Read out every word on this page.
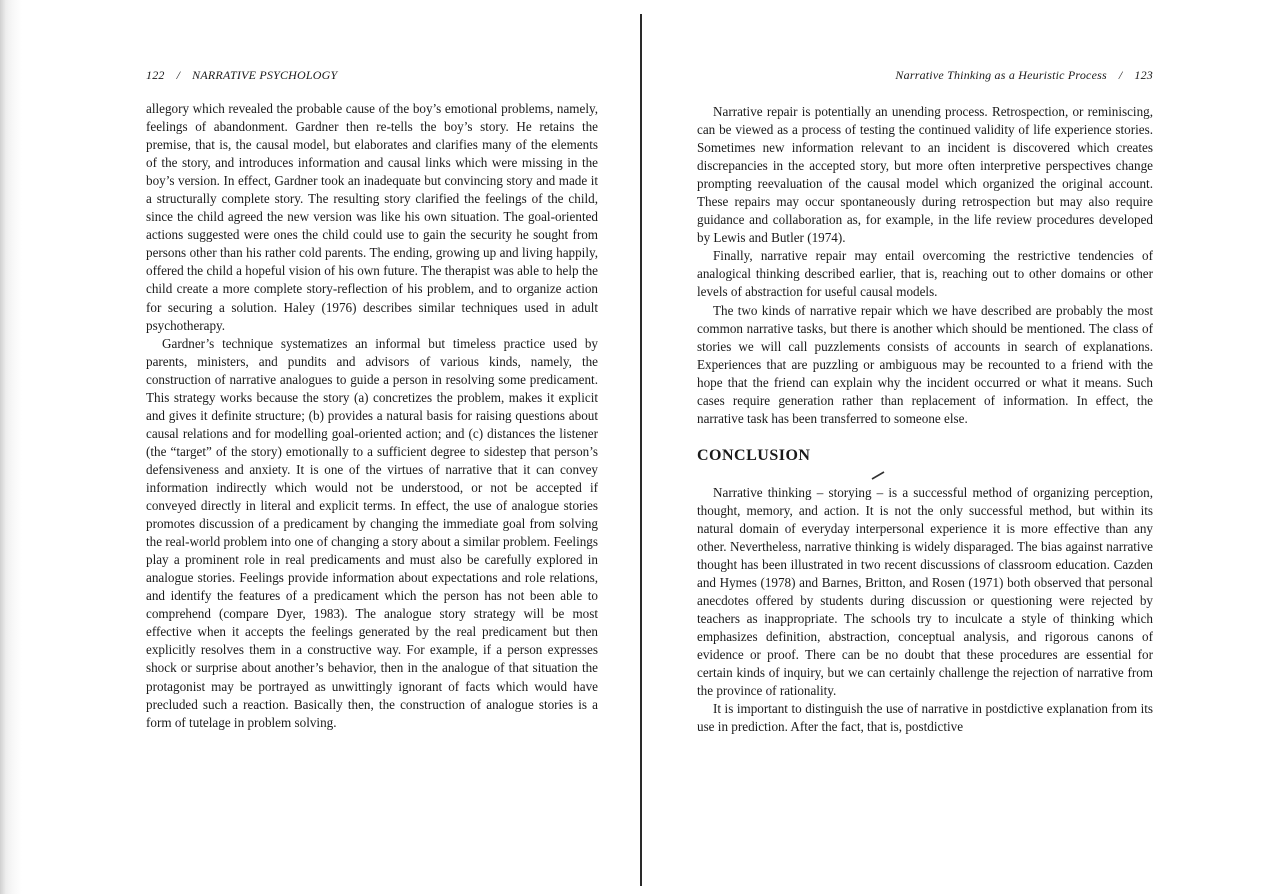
122 / NARRATIVE PSYCHOLOGY

allegory which revealed the probable cause of the boy’s emotional problems, namely, feelings of abandonment. Gardner then re-tells the boy’s story. He retains the premise, that is, the causal model, but elaborates and clarifies many of the elements of the story, and introduces information and causal links which were missing in the boy’s version. In effect, Gardner took an inadequate but convincing story and made it a structurally complete story. The resulting story clarified the feelings of the child, since the child agreed the new version was like his own situation. The goal-oriented actions suggested were ones the child could use to gain the security he sought from persons other than his rather cold parents. The ending, growing up and living happily, offered the child a hopeful vision of his own future. The therapist was able to help the child create a more complete story-reflection of his problem, and to organize action for securing a solution. Haley (1976) describes similar techniques used in adult psychotherapy.

Gardner’s technique systematizes an informal but timeless practice used by parents, ministers, and pundits and advisors of various kinds, namely, the construction of narrative analogues to guide a person in resolving some predicament. This strategy works because the story (a) concretizes the problem, makes it explicit and gives it definite structure; (b) provides a natural basis for raising questions about causal relations and for modelling goal-oriented action; and (c) distances the listener (the “target” of the story) emotionally to a sufficient degree to sidestep that person’s defensiveness and anxiety. It is one of the virtues of narrative that it can convey information indirectly which would not be understood, or not be accepted if conveyed directly in literal and explicit terms. In effect, the use of analogue stories promotes discussion of a predicament by changing the immediate goal from solving the real-world problem into one of changing a story about a similar problem. Feelings play a prominent role in real predicaments and must also be carefully explored in analogue stories. Feelings provide information about expectations and role relations, and identify the features of a predicament which the person has not been able to comprehend (compare Dyer, 1983). The analogue story strategy will be most effective when it accepts the feelings generated by the real predicament but then explicitly resolves them in a constructive way. For example, if a person expresses shock or surprise about another’s behavior, then in the analogue of that situation the protagonist may be portrayed as unwittingly ignorant of facts which would have precluded such a reaction. Basically then, the construction of analogue stories is a form of tutelage in problem solving.

Narrative Thinking as a Heuristic Process / 123

Narrative repair is potentially an unending process. Retrospection, or reminiscing, can be viewed as a process of testing the continued validity of life experience stories. Sometimes new information relevant to an incident is discovered which creates discrepancies in the accepted story, but more often interpretive perspectives change prompting reevaluation of the causal model which organized the original account. These repairs may occur spontaneously during retrospection but may also require guidance and collaboration as, for example, in the life review procedures developed by Lewis and Butler (1974).

Finally, narrative repair may entail overcoming the restrictive tendencies of analogical thinking described earlier, that is, reaching out to other domains or other levels of abstraction for useful causal models.

The two kinds of narrative repair which we have described are probably the most common narrative tasks, but there is another which should be mentioned. The class of stories we will call puzzlements consists of accounts in search of explanations. Experiences that are puzzling or ambiguous may be recounted to a friend with the hope that the friend can explain why the incident occurred or what it means. Such cases require generation rather than replacement of information. In effect, the narrative task has been transferred to someone else.

CONCLUSION

Narrative thinking – storying – is a successful method of organizing perception, thought, memory, and action. It is not the only successful method, but within its natural domain of everyday interpersonal experience it is more effective than any other. Nevertheless, narrative thinking is widely disparaged. The bias against narrative thought has been illustrated in two recent discussions of classroom education. Cazden and Hymes (1978) and Barnes, Britton, and Rosen (1971) both observed that personal anecdotes offered by students during discussion or questioning were rejected by teachers as inappropriate. The schools try to inculcate a style of thinking which emphasizes definition, abstraction, conceptual analysis, and rigorous canons of evidence or proof. There can be no doubt that these procedures are essential for certain kinds of inquiry, but we can certainly challenge the rejection of narrative from the province of rationality.

It is important to distinguish the use of narrative in postdictive explanation from its use in prediction. After the fact, that is, postdictive
